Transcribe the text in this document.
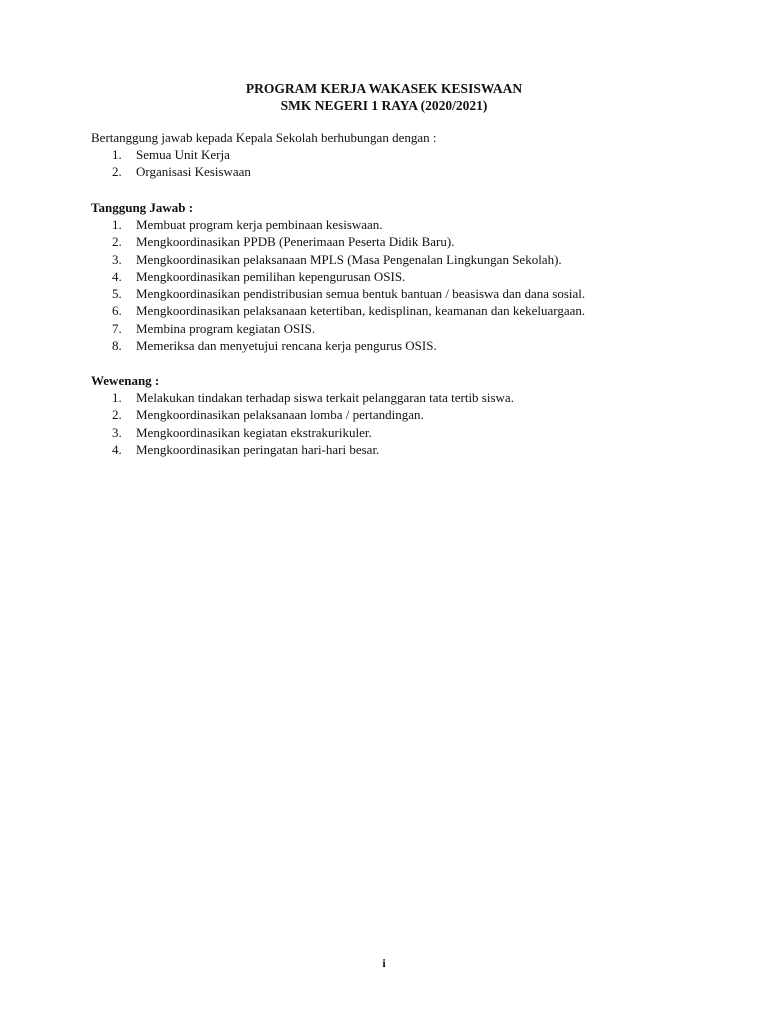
PROGRAM KERJA WAKASEK KESISWAAN

SMK NEGERI 1 RAYA (2020/2021)

Bertanggung jawab kepada Kepala Sekolah berhubungan dengan :

1. Semua Unit Kerja
2. Organisasi Kesiswaan

Tanggung Jawab :

1. Membuat program kerja pembinaan kesiswaan.
2. Mengkoordinasikan PPDB (Penerimaan Peserta Didik Baru).
3. Mengkoordinasikan pelaksanaan MPLS (Masa Pengenalan Lingkungan Sekolah).
4. Mengkoordinasikan pemilihan kepengurusan OSIS.
5. Mengkoordinasikan pendistribusian semua bentuk bantuan / beasiswa dan dana sosial.
6. Mengkoordinasikan pelaksanaan ketertiban, kedisplinan, keamanan dan kekeluargaan.
7. Membina program kegiatan OSIS.
8. Memeriksa dan menyetujui rencana kerja pengurus OSIS.

Wewenang :

1. Melakukan tindakan terhadap siswa terkait pelanggaran tata tertib siswa.
2. Mengkoordinasikan pelaksanaan lomba / pertandingan.
3. Mengkoordinasikan kegiatan ekstrakurikuler.
4. Mengkoordinasikan peringatan hari-hari besar.

i
